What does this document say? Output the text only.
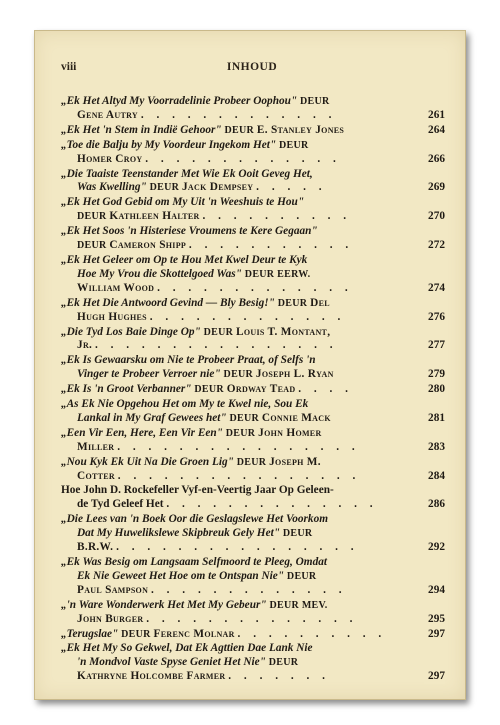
viii	INHOUD
„Ek Het Altyd My Voorradelinie Probeer Oophou" DEUR
Gene Autry . . . . . . . . . . . . .	261
„Ek Het 'n Stem in Indië Gehoor" DEUR E. Stanley Jones	264
„Toe die Balju by My Voordeur Ingekom Het" DEUR
Homer Croy . . . . . . . . . . . . .	266
„Die Taaiste Teenstander Met Wie Ek Ooit Geveg Het,
Was Kwelling" DEUR Jack Dempsey . . . . .	269
„Ek Het God Gebid om My Uit 'n Weeshuis te Hou"
DEUR Kathleen Halter . . . . . . . . . .	270
„Ek Het Soos 'n Histeriese Vroumens te Kere Gegaan"
DEUR Cameron Shipp . . . . . . . . . . .	272
„Ek Het Geleer om Op te Hou Met Kwel Deur te Kyk
Hoe My Vrou die Skottelgoed Was" DEUR EERW.
William Wood . . . . . . . . . . . . .	274
„Ek Het Die Antwoord Gevind — Bly Besig!" DEUR Del
Hugh Hughes . . . . . . . . . . . . .	276
„Die Tyd Los Baie Dinge Op" DEUR Louis T. Montant,
Jr. . . . . . . . . . . . . . . . .	277
„Ek Is Gewaarsku om Nie te Probeer Praat, of Selfs 'n
Vinger te Probeer Verroer nie" DEUR Joseph L. Ryan	279
„Ek Is 'n Groot Verbanner" DEUR Ordway Tead . . . .	280
„As Ek Nie Opgehou Het om My te Kwel nie, Sou Ek
Lankal in My Graf Gewees het" DEUR Connie Mack	281
„Een Vir Een, Here, Een Vir Een" DEUR John Homer
Miller . . . . . . . . . . . . . . . .	283
„Nou Kyk Ek Uit Na Die Groen Lig" DEUR Joseph M.
Cotter . . . . . . . . . . . . . . . .	284
Hoe John D. Rockefeller Vyf-en-Veertig Jaar Op Geleen-
de Tyd Geleef Het . . . . . . . . . . . . . .	286
„Die Lees van 'n Boek Oor die Geslagslewe Het Voorkom
Dat My Huwelikslewe Skipbreuk Gely Het" DEUR
B.R.W. . . . . . . . . . . . . . . . .	292
„Ek Was Besig om Langsaam Selfmoord te Pleeg, Omdat
Ek Nie Geweet Het Hoe om te Ontspan Nie" DEUR
Paul Sampson . . . . . . . . . . . . .	294
„'n Ware Wonderwerk Het Met My Gebeur" DEUR MEV.
John Burger . . . . . . . . . . . . . .	295
„Terugslae" DEUR Ferenc Molnar . . . . . . . . . .	297
„Ek Het My So Gekwel, Dat Ek Agttien Dae Lank Nie
'n Mondvol Vaste Spyse Geniet Het Nie" DEUR
Kathryne Holcombe Farmer . . . . . . .	297
